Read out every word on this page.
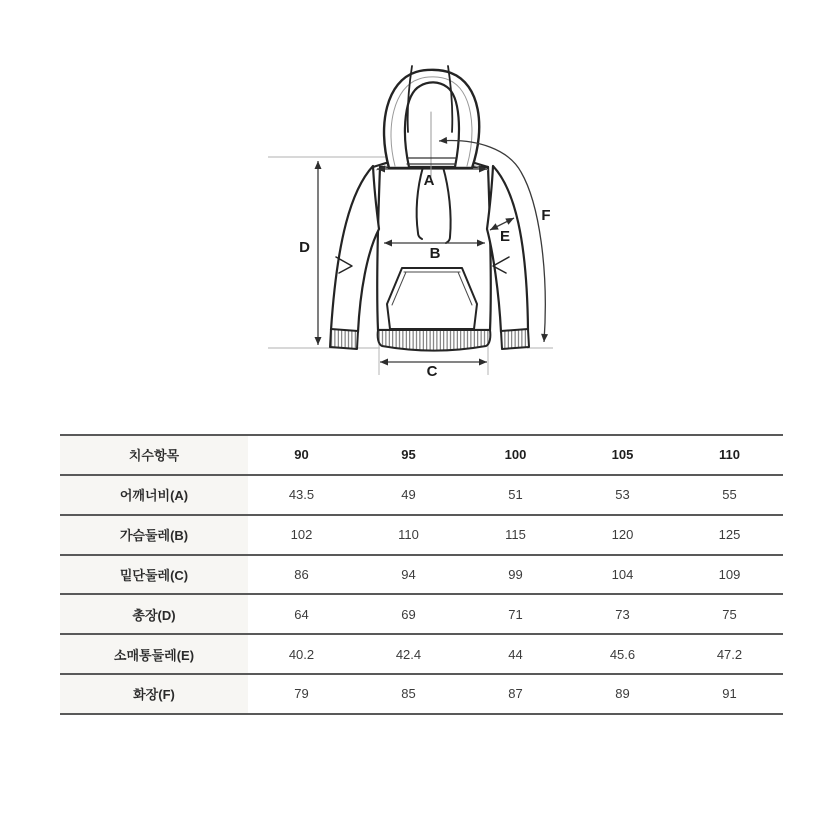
A
B
C
D
E
F
치수항목	90	95	100	105	110
어깨너비(A)	43.5	49	51	53	55
가슴둘레(B)	102	110	115	120	125
밑단둘레(C)	86	94	99	104	109
총장(D)	64	69	71	73	75
소매통둘레(E)	40.2	42.4	44	45.6	47.2
화장(F)	79	85	87	89	91
